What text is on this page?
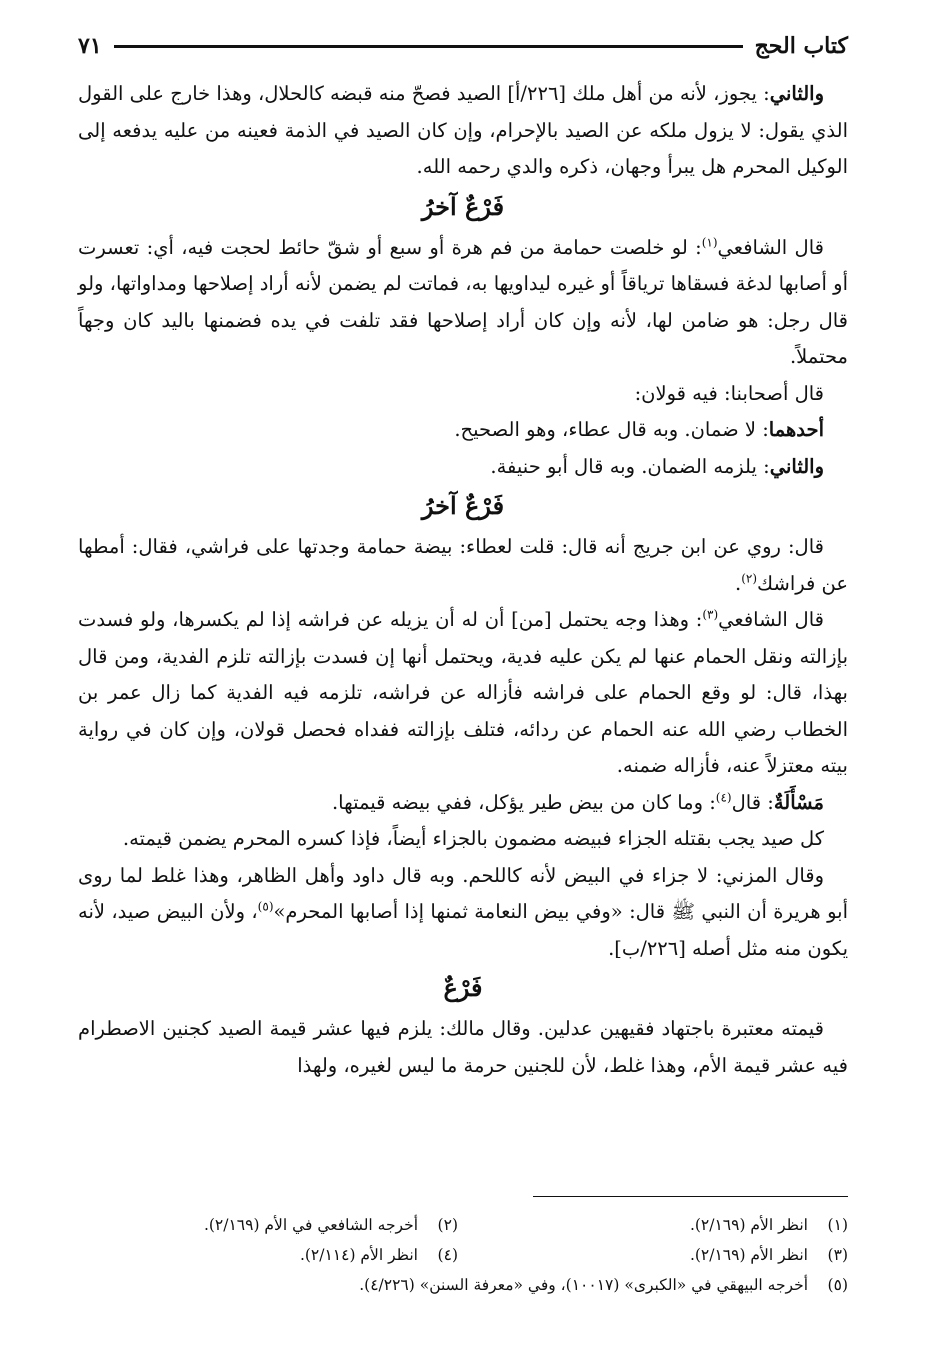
كتاب الحج
٧١

والثاني: يجوز، لأنه من أهل ملك [٢٢٦/أ] الصيد فصحّ منه قبضه كالحلال، وهذا خارج على القول الذي يقول: لا يزول ملكه عن الصيد بالإحرام، وإن كان الصيد في الذمة فعينه من عليه يدفعه إلى الوكيل المحرم هل يبرأ وجهان، ذكره والدي رحمه الله.

فَرْعٌ آخرُ

قال الشافعي$^{(١)}$: لو خلصت حمامة من فم هرة أو سبع أو شقّ حائط لحجت فيه، أي: تعسرت أو أصابها لدغة فسقاها ترياقاً أو غيره ليداويها به، فماتت لم يضمن لأنه أراد إصلاحها ومداواتها، ولو قال رجل: هو ضامن لها، لأنه وإن كان أراد إصلاحها فقد تلفت في يده فضمنها باليد كان وجهاً محتملاً.

قال أصحابنا: فيه قولان:

أحدهما: لا ضمان. وبه قال عطاء، وهو الصحيح.

والثاني: يلزمه الضمان. وبه قال أبو حنيفة.

فَرْعٌ آخرُ

قال: روي عن ابن جريج أنه قال: قلت لعطاء: بيضة حمامة وجدتها على فراشي، فقال: أمطها عن فراشك$^{(٢)}$.

قال الشافعي$^{(٣)}$: وهذا وجه يحتمل [من] أن له أن يزيله عن فراشه إذا لم يكسرها، ولو فسدت بإزالته ونقل الحمام عنها لم يكن عليه فدية، ويحتمل أنها إن فسدت بإزالته تلزم الفدية، ومن قال بهذا، قال: لو وقع الحمام على فراشه فأزاله عن فراشه، تلزمه فيه الفدية كما زال عمر بن الخطاب رضي الله عنه الحمام عن ردائه، فتلف بإزالته ففداه فحصل قولان، وإن كان في رواية بيته معتزلاً عنه، فأزاله ضمنه.

مَسْأَلَةٌ: قال$^{(٤)}$: وما كان من بيض طير يؤكل، ففي بيضه قيمتها.

كل صيد يجب بقتله الجزاء فبيضه مضمون بالجزاء أيضاً، فإذا كسره المحرم يضمن قيمته.

وقال المزني: لا جزاء في البيض لأنه كاللحم. وبه قال داود وأهل الظاهر، وهذا غلط لما روى أبو هريرة أن النبي ﷺ قال: «وفي بيض النعامة ثمنها إذا أصابها المحرم»$^{(٥)}$، ولأن البيض صيد، لأنه يكون منه مثل أصله [٢٢٦/ب].

فَرْعٌ

قيمته معتبرة باجتهاد فقيهين عدلين. وقال مالك: يلزم فيها عشر قيمة الصيد كجنين الاصطرام فيه عشر قيمة الأم، وهذا غلط، لأن للجنين حرمة ما ليس لغيره، ولهذا

(١)انظر الأم (٢/١٦٩).
(٢)أخرجه الشافعي في الأم (٢/١٦٩).
(٣)انظر الأم (٢/١٦٩).
(٤)انظر الأم (٢/١١٤).
(٥)أخرجه البيهقي في «الكبرى» (١٠٠١٧)، وفي «معرفة السنن» (٤/٢٢٦).
